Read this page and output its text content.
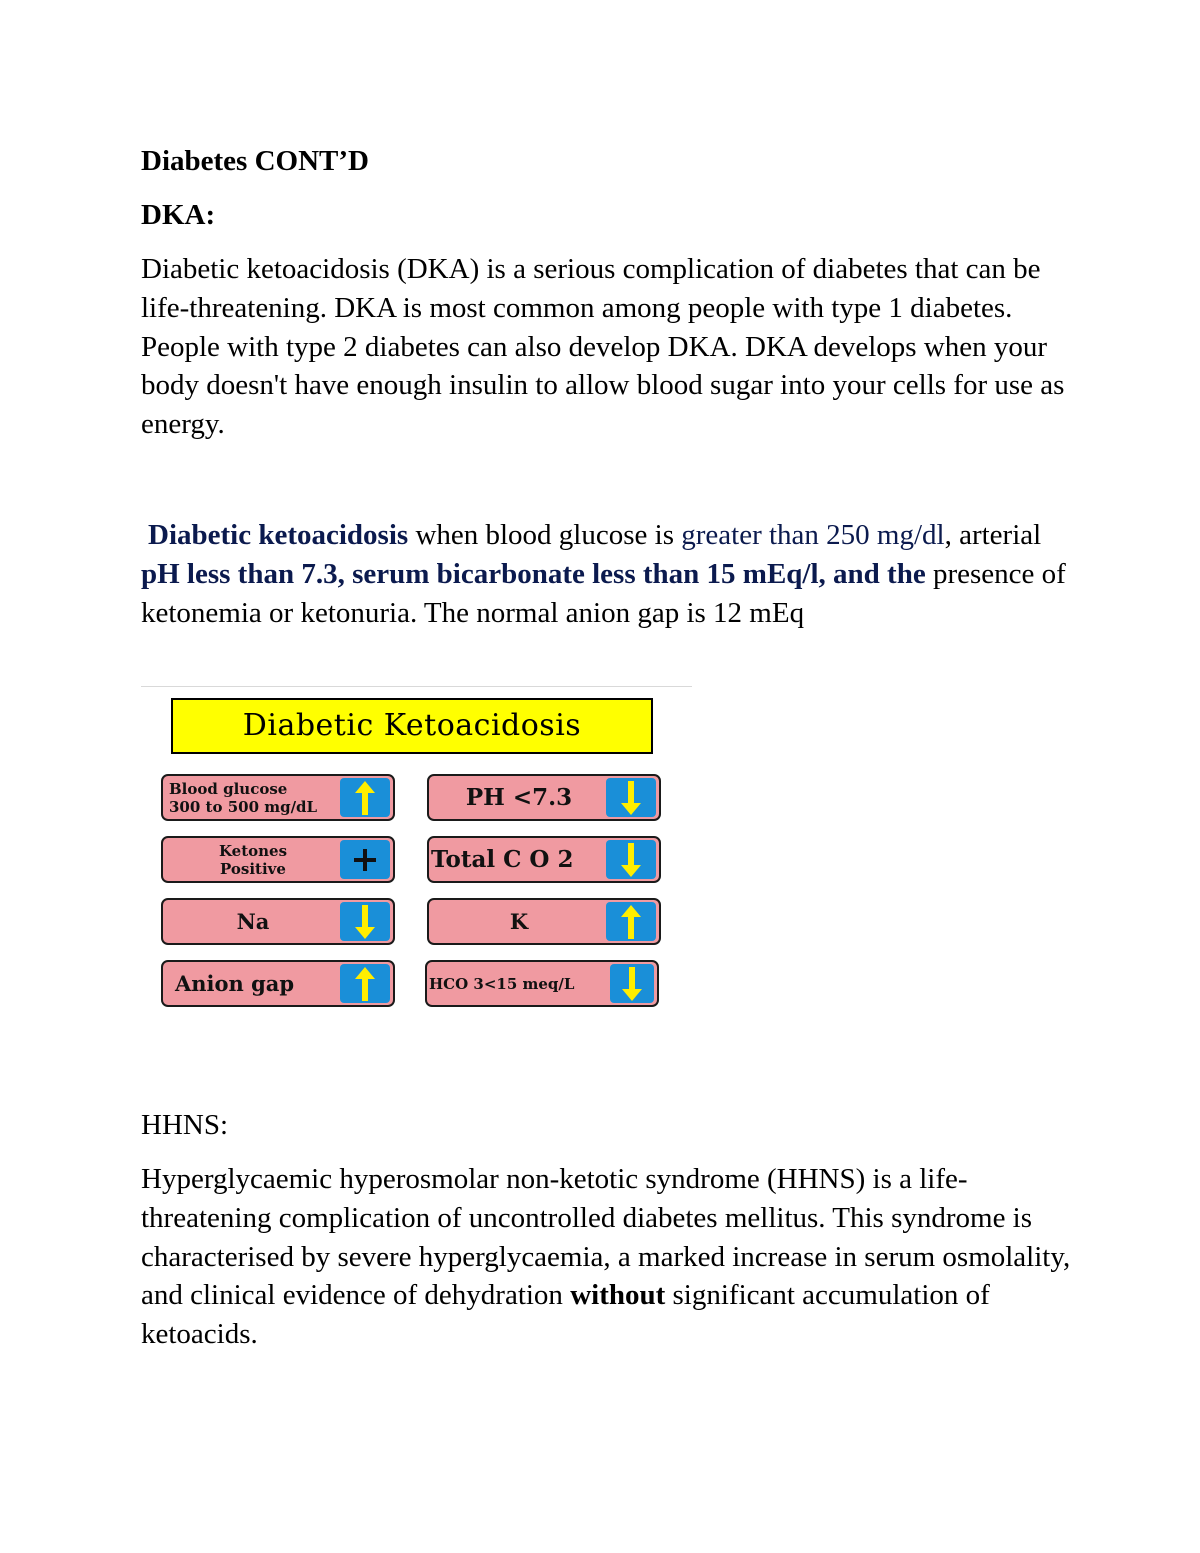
Diabetes CONT’D

DKA:

Diabetic ketoacidosis (DKA) is a serious complication of diabetes that can be life-threatening. DKA is most common among people with type 1 diabetes. People with type 2 diabetes can also develop DKA. DKA develops when your body doesn't have enough insulin to allow blood sugar into your cells for use as energy.

Diabetic ketoacidosis when blood glucose is greater than 250 mg/dl, arterial pH less than 7.3, serum bicarbonate less than 15 mEq/l, and the presence of ketonemia or ketonuria. The normal anion gap is 12 mEq

Diabetic Ketoacidosis
Blood glucose
300 to 500 mg/dL	PH <7.3
Ketones
Positive	Total C O 2
Na	K
Anion gap	HCO 3<15 meq/L

HHNS:

Hyperglycaemic hyperosmolar non-ketotic syndrome (HHNS) is a life-threatening complication of uncontrolled diabetes mellitus. This syndrome is characterised by severe hyperglycaemia, a marked increase in serum osmolality, and clinical evidence of dehydration without significant accumulation of ketoacids.
